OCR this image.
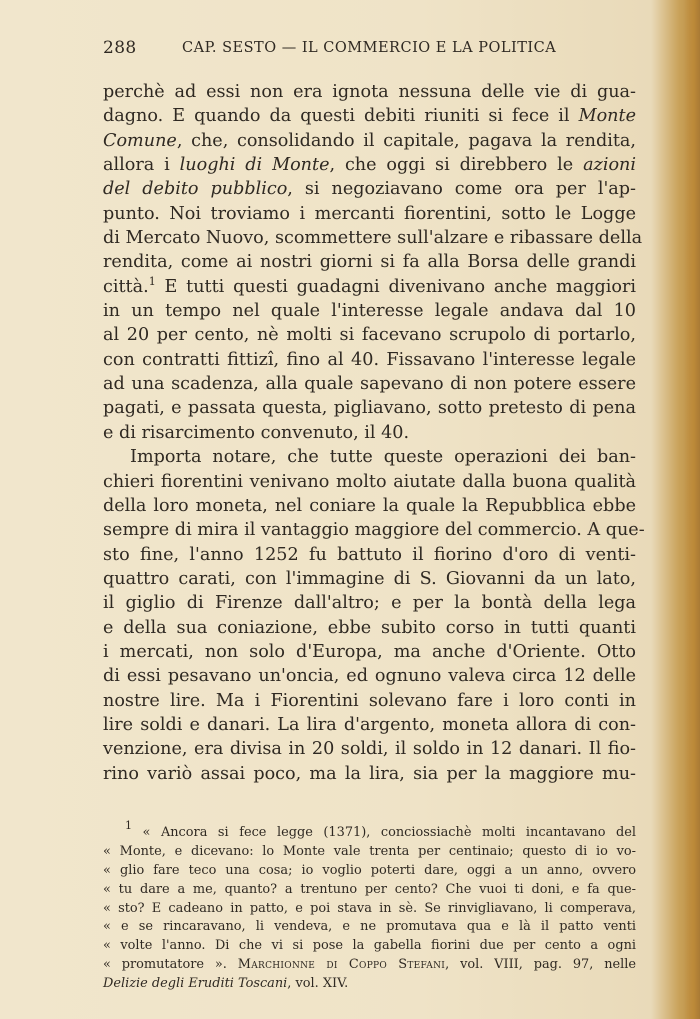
288	CAP. SESTO — IL COMMERCIO E LA POLITICA
perchè ad essi non era ignota nessuna delle vie di gua-
dagno. E quando da questi debiti riuniti si fece il Monte
Comune, che, consolidando il capitale, pagava la rendita,
allora i luoghi di Monte, che oggi si direbbero le azioni
del debito pubblico, si negoziavano come ora per l'ap-
punto. Noi troviamo i mercanti fiorentini, sotto le Logge
di Mercato Nuovo, scommettere sull'alzare e ribassare della
rendita, come ai nostri giorni si fa alla Borsa delle grandi
città.$^1$ E tutti questi guadagni divenivano anche maggiori
in un tempo nel quale l'interesse legale andava dal 10
al 20 per cento, nè molti si facevano scrupolo di portarlo,
con contratti fittizî, fino al 40. Fissavano l'interesse legale
ad una scadenza, alla quale sapevano di non potere essere
pagati, e passata questa, pigliavano, sotto pretesto di pena
e di risarcimento convenuto, il 40.
Importa notare, che tutte queste operazioni dei ban-
chieri fiorentini venivano molto aiutate dalla buona qualità
della loro moneta, nel coniare la quale la Repubblica ebbe
sempre di mira il vantaggio maggiore del commercio. A que-
sto fine, l'anno 1252 fu battuto il fiorino d'oro di venti-
quattro carati, con l'immagine di S. Giovanni da un lato,
il giglio di Firenze dall'altro; e per la bontà della lega
e della sua coniazione, ebbe subito corso in tutti quanti
i mercati, non solo d'Europa, ma anche d'Oriente. Otto
di essi pesavano un'oncia, ed ognuno valeva circa 12 delle
nostre lire. Ma i Fiorentini solevano fare i loro conti in
lire soldi e danari. La lira d'argento, moneta allora di con-
venzione, era divisa in 20 soldi, il soldo in 12 danari. Il fio-
rino variò assai poco, ma la lira, sia per la maggiore mu-
$^1$ « Ancora si fece legge (1371), conciossiachè molti incantavano del
« Monte, e dicevano: lo Monte vale trenta per centinaio; questo di io vo-
« glio fare teco una cosa; io voglio poterti dare, oggi a un anno, ovvero
« tu dare a me, quanto? a trentuno per cento? Che vuoi ti doni, e fa que-
« sto? E cadeano in patto, e poi stava in sè. Se rinvigliavano, li comperava,
« e se rincaravano, li vendeva, e ne promutava qua e là il patto venti
« volte l'anno. Di che vi si pose la gabella fiorini due per cento a ogni
« promutatore ». Marchionne di Coppo Stefani, vol. VIII, pag. 97, nelle
Delizie degli Eruditi Toscani, vol. XIV.
